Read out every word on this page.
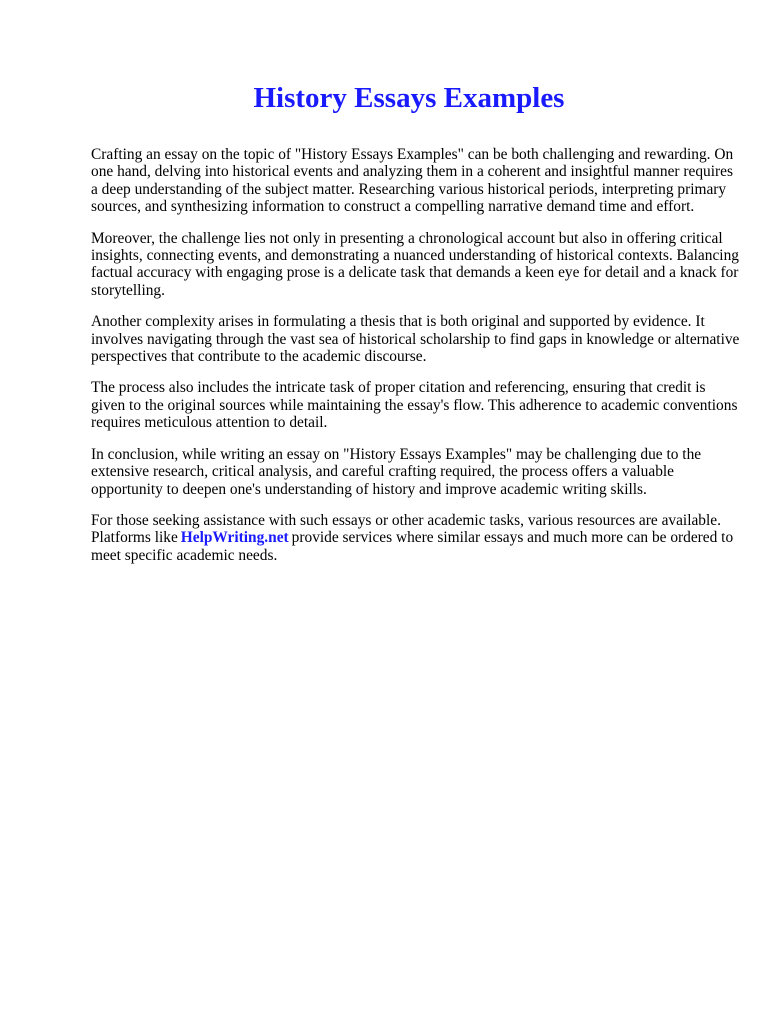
History Essays Examples

Crafting an essay on the topic of "History Essays Examples" can be both challenging and rewarding. On one hand, delving into historical events and analyzing them in a coherent and insightful manner requires a deep understanding of the subject matter. Researching various historical periods, interpreting primary sources, and synthesizing information to construct a compelling narrative demand time and effort.

Moreover, the challenge lies not only in presenting a chronological account but also in offering critical insights, connecting events, and demonstrating a nuanced understanding of historical contexts. Balancing factual accuracy with engaging prose is a delicate task that demands a keen eye for detail and a knack for storytelling.

Another complexity arises in formulating a thesis that is both original and supported by evidence. It involves navigating through the vast sea of historical scholarship to find gaps in knowledge or alternative perspectives that contribute to the academic discourse.

The process also includes the intricate task of proper citation and referencing, ensuring that credit is given to the original sources while maintaining the essay's flow. This adherence to academic conventions requires meticulous attention to detail.

In conclusion, while writing an essay on "History Essays Examples" may be challenging due to the extensive research, critical analysis, and careful crafting required, the process offers a valuable opportunity to deepen one's understanding of history and improve academic writing skills.

For those seeking assistance with such essays or other academic tasks, various resources are available. Platforms like HelpWriting.net provide services where similar essays and much more can be ordered to meet specific academic needs.
